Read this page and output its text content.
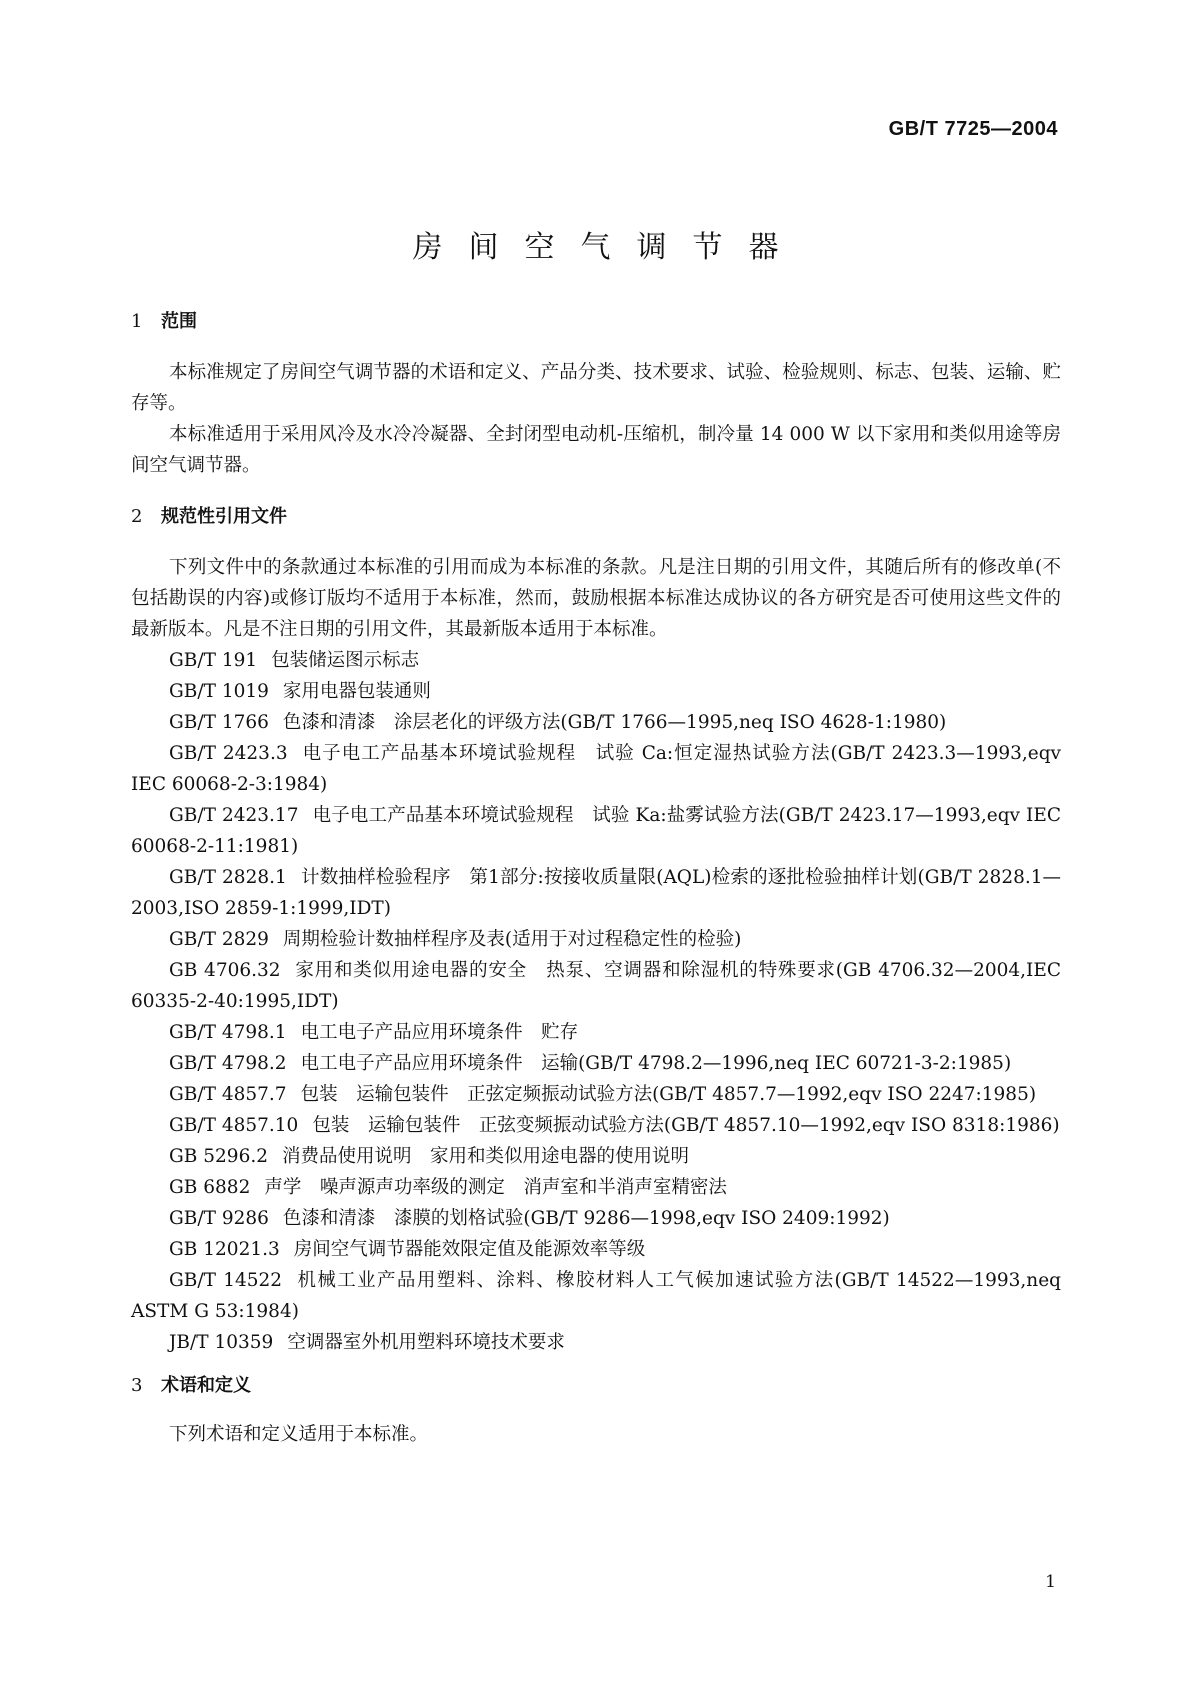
GB/T 7725—2004
房间空气调节器
1 范围

本标准规定了房间空气调节器的术语和定义、产品分类、技术要求、试验、检验规则、标志、包装、运输、贮存等。

本标准适用于采用风冷及水冷冷凝器、全封闭型电动机-压缩机，制冷量 14 000 W 以下家用和类似用途等房间空气调节器。

2 规范性引用文件

下列文件中的条款通过本标准的引用而成为本标准的条款。凡是注日期的引用文件，其随后所有的修改单(不包括勘误的内容)或修订版均不适用于本标准，然而，鼓励根据本标准达成协议的各方研究是否可使用这些文件的最新版本。凡是不注日期的引用文件，其最新版本适用于本标准。

GB/T 191 包装储运图示标志

GB/T 1019 家用电器包装通则

GB/T 1766 色漆和清漆　涂层老化的评级方法(GB/T 1766—1995,neq ISO 4628-1:1980)

GB/T 2423.3 电子电工产品基本环境试验规程　试验 Ca:恒定湿热试验方法(GB/T 2423.3—1993,eqv IEC 60068-2-3:1984)

GB/T 2423.17 电子电工产品基本环境试验规程　试验 Ka:盐雾试验方法(GB/T 2423.17—1993,eqv IEC 60068-2-11:1981)

GB/T 2828.1 计数抽样检验程序　第1部分:按接收质量限(AQL)检索的逐批检验抽样计划(GB/T 2828.1—2003,ISO 2859-1:1999,IDT)

GB/T 2829 周期检验计数抽样程序及表(适用于对过程稳定性的检验)

GB 4706.32 家用和类似用途电器的安全　热泵、空调器和除湿机的特殊要求(GB 4706.32—2004,IEC 60335-2-40:1995,IDT)

GB/T 4798.1 电工电子产品应用环境条件　贮存

GB/T 4798.2 电工电子产品应用环境条件　运输(GB/T 4798.2—1996,neq IEC 60721-3-2:1985)

GB/T 4857.7 包装　运输包装件　正弦定频振动试验方法(GB/T 4857.7—1992,eqv ISO 2247:1985)

GB/T 4857.10 包装　运输包装件　正弦变频振动试验方法(GB/T 4857.10—1992,eqv ISO 8318:1986)

GB 5296.2 消费品使用说明　家用和类似用途电器的使用说明

GB 6882 声学　噪声源声功率级的测定　消声室和半消声室精密法

GB/T 9286 色漆和清漆　漆膜的划格试验(GB/T 9286—1998,eqv ISO 2409:1992)

GB 12021.3 房间空气调节器能效限定值及能源效率等级

GB/T 14522 机械工业产品用塑料、涂料、橡胶材料人工气候加速试验方法(GB/T 14522—1993,neq ASTM G 53:1984)

JB/T 10359 空调器室外机用塑料环境技术要求

3 术语和定义

下列术语和定义适用于本标准。

1
